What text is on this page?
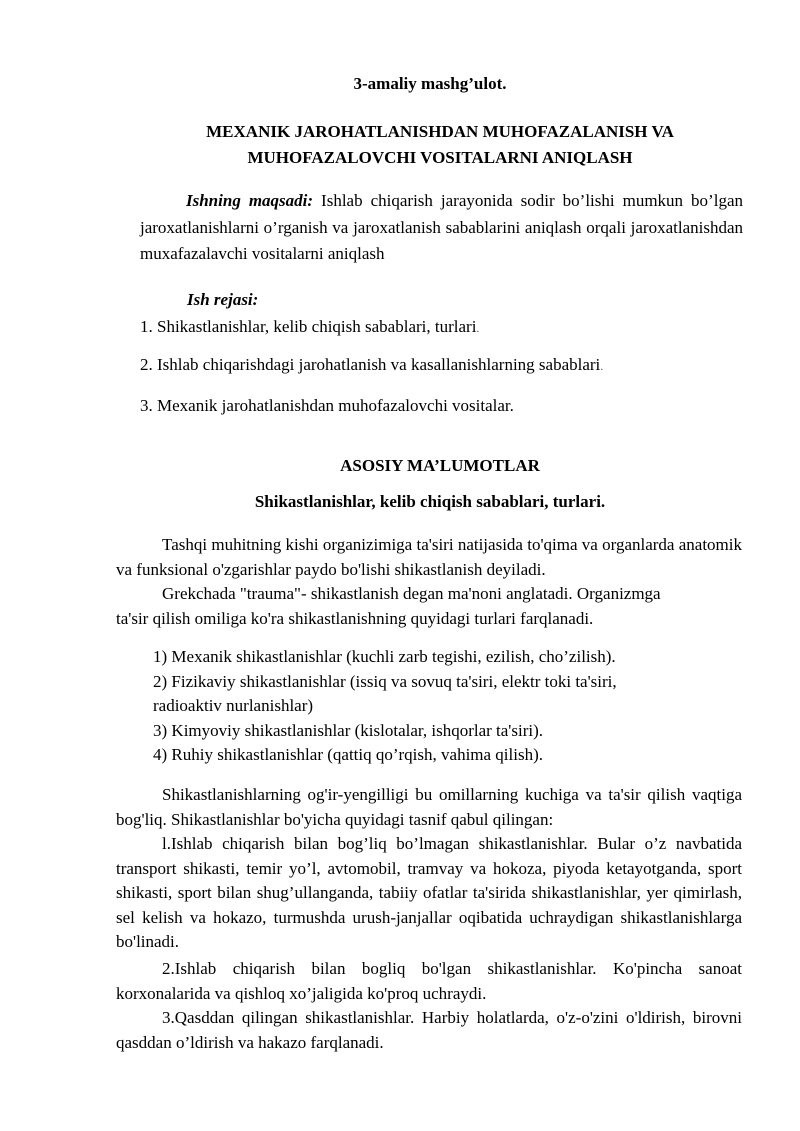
3-amaliy mashg’ulot.
MEXANIK JAROHATLANISHDAN MUHOFAZALANISH VA
MUHOFAZALOVCHI VOSITALARNI ANIQLASH
Ishning maqsadi: Ishlab chiqarish jarayonida sodir bo’lishi mumkun bo’lgan jaroxatlanishlarni o’rganish va jaroxatlanish sabablarini aniqlash orqali jaroxatlanishdan muxafazalavchi vositalarni aniqlash
Ish rejasi:
1. Shikastlanishlar, kelib chiqish sabablari, turlari.
2. Ishlab chiqarishdagi jarohatlanish va kasallanishlarning sabablari.
3. Mexanik jarohatlanishdan muhofazalovchi vositalar.
ASOSIY MA’LUMOTLAR
Shikastlanishlar, kelib chiqish sabablari, turlari.
Tashqi muhitning kishi organizimiga ta'siri natijasida to'qima va organlarda anatomik va funksional o'zgarishlar paydo bo'lishi shikastlanish deyiladi.
Grekchada "trauma"- shikastlanish degan ma'noni anglatadi. Organizmga
ta'sir qilish omiliga ko'ra shikastlanishning quyidagi turlari farqlanadi.
1) Mexanik shikastlanishlar (kuchli zarb tegishi, ezilish, cho’zilish).
2) Fizikaviy shikastlanishlar (issiq va sovuq ta'siri, elektr toki ta'siri,
radioaktiv nurlanishlar)
3) Kimyoviy shikastlanishlar (kislotalar, ishqorlar ta'siri).
4) Ruhiy shikastlanishlar (qattiq qo’rqish, vahima qilish).
Shikastlanishlarning og'ir-yengilligi bu omillarning kuchiga va ta'sir qilish vaqtiga bog'liq. Shikastlanishlar bo'yicha quyidagi tasnif qabul qilingan:
l.Ishlab chiqarish bilan bog’liq bo’lmagan shikastlanishlar. Bular o’z navbatida transport shikasti, temir yo’l, avtomobil, tramvay va hokoza, piyoda ketayotganda, sport shikasti, sport bilan shug’ullanganda, tabiiy ofatlar ta'sirida shikastlanishlar, yer qimirlash, sel kelish va hokazo, turmushda urush-janjallar oqibatida uchraydigan shikastlanishlarga bo'linadi.
2.Ishlab chiqarish bilan bogliq bo'lgan shikastlanishlar. Ko'pincha sanoat korxonalarida va qishloq xo’jaligida ko'proq uchraydi.
3.Qasddan qilingan shikastlanishlar. Harbiy holatlarda, o'z-o'zini o'ldirish, birovni qasddan o’ldirish va hakazo farqlanadi.
